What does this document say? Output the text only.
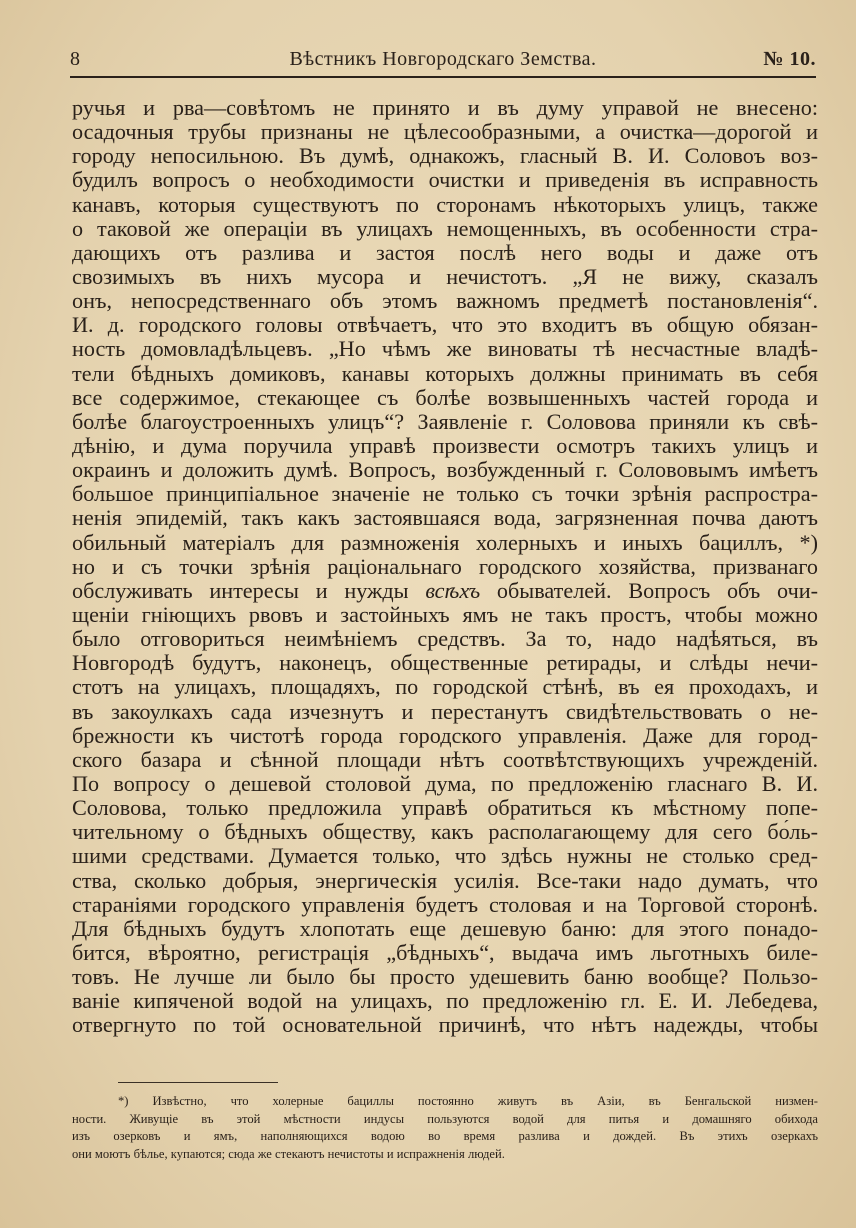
8	Вѣстникъ Новгородскаго Земства.	№ 10.
ручья и рва—совѣтомъ не принято и въ думу управой не внесено:
осадочныя трубы признаны не цѣлесообразными, а очистка—дорогой и
городу непосильною. Въ думѣ, однакожъ, гласный В. И. Соловоъ воз-
будилъ вопросъ о необходимости очистки и приведенія въ исправность
канавъ, которыя существуютъ по сторонамъ нѣкоторыхъ улицъ, также
о таковой же операціи въ улицахъ немощенныхъ, въ особенности стра-
дающихъ отъ разлива и застоя послѣ него воды и даже отъ
свозимыхъ въ нихъ мусора и нечистотъ. „Я не вижу, сказалъ
онъ, непосредственнаго объ этомъ важномъ предметѣ постановленія“.
И. д. городского головы отвѣчаетъ, что это входитъ въ общую обязан-
ность домовладѣльцевъ. „Но чѣмъ же виноваты тѣ несчастные владѣ-
тели бѣдныхъ домиковъ, канавы которыхъ должны принимать въ себя
все содержимое, стекающее съ болѣе возвышенныхъ частей города и
болѣе благоустроенныхъ улицъ“? Заявленіе г. Соловова приняли къ свѣ-
дѣнію, и дума поручила управѣ произвести осмотръ такихъ улицъ и
окраинъ и доложить думѣ. Вопросъ, возбужденный г. Солововымъ имѣетъ
большое принципіальное значеніе не только съ точки зрѣнія распростра-
ненія эпидемій, такъ какъ застоявшаяся вода, загрязненная почва даютъ
обильный матеріалъ для размноженія холерныхъ и иныхъ бациллъ, *)
но и съ точки зрѣнія раціональнаго городского хозяйства, призванаго
обслуживать интересы и нужды всѣхъ обывателей. Вопросъ объ очи-
щеніи гніющихъ рвовъ и застойныхъ ямъ не такъ простъ, чтобы можно
было отговориться неимѣніемъ средствъ. За то, надо надѣяться, въ
Новгородѣ будутъ, наконецъ, общественные ретирады, и слѣды нечи-
стотъ на улицахъ, площадяхъ, по городской стѣнѣ, въ ея проходахъ, и
въ закоулкахъ сада изчезнутъ и перестанутъ свидѣтельствовать о не-
брежности къ чистотѣ города городского управленія. Даже для город-
ского базара и сѣнной площади нѣтъ соотвѣтствующихъ учрежденій.
По вопросу о дешевой столовой дума, по предложенію гласнаго В. И.
Соловова, только предложила управѣ обратиться къ мѣстному попе-
чительному о бѣдныхъ обществу, какъ располагающему для сего бо́ль-
шими средствами. Думается только, что здѣсь нужны не столько сред-
ства, сколько добрыя, энергическія усилія. Все-таки надо думать, что
стараніями городского управленія будетъ столовая и на Торговой сторонѣ.
Для бѣдныхъ будутъ хлопотать еще дешевую баню: для этого понадо-
бится, вѣроятно, регистрація „бѣдныхъ“, выдача имъ льготныхъ биле-
товъ. Не лучше ли было бы просто удешевить баню вообще? Пользо-
ваніе кипяченой водой на улицахъ, по предложенію гл. Е. И. Лебедева,
отвергнуто по той основательной причинѣ, что нѣтъ надежды, чтобы
*) Извѣстно, что холерные бациллы постоянно живутъ въ Азіи, въ Бенгальской низмен-
ности. Живущіе въ этой мѣстности индусы пользуются водой для питья и домашняго обихода
изъ озерковъ и ямъ, наполняющихся водою во время разлива и дождей. Въ этихъ озеркахъ
они моютъ бѣлье, купаются; сюда же стекаютъ нечистоты и испражненія людей.
